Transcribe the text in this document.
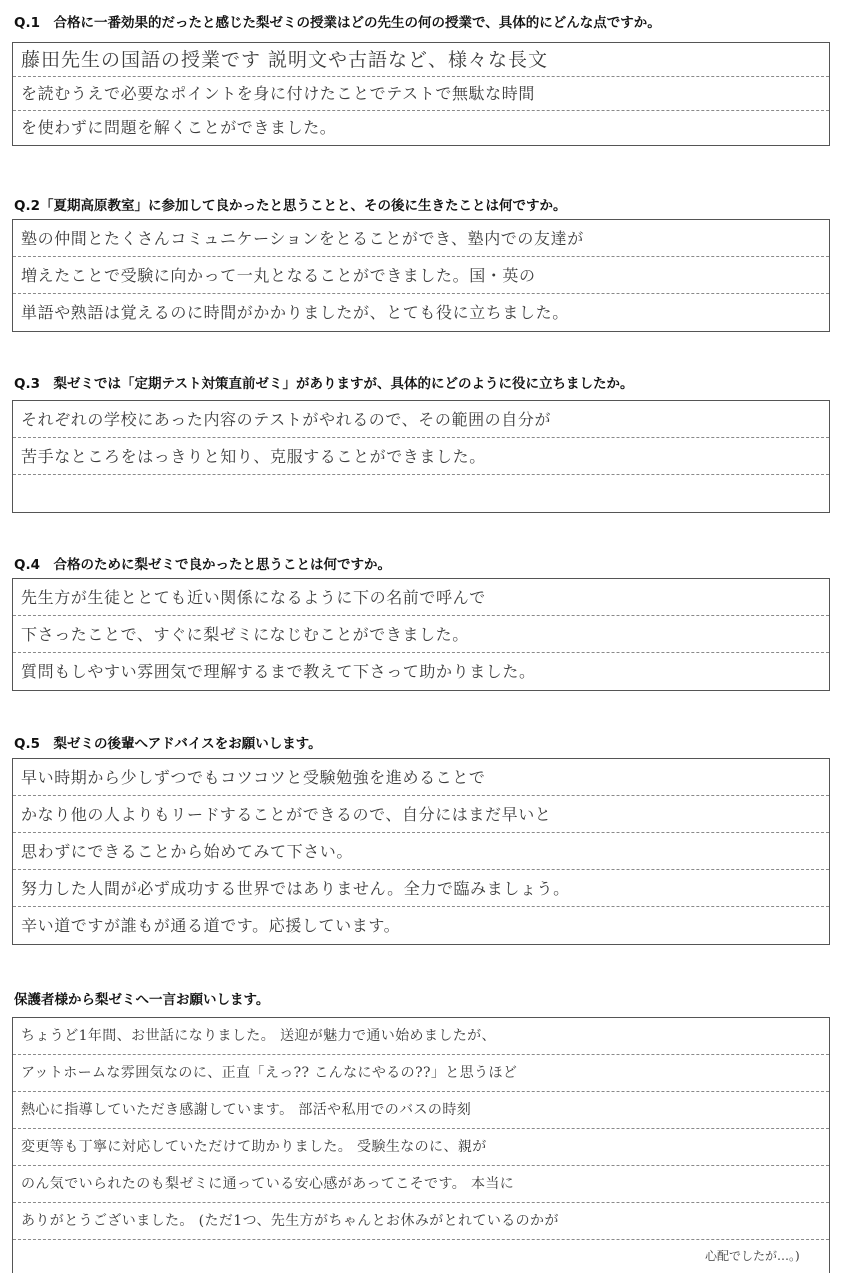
Q.1　合格に一番効果的だったと感じた梨ゼミの授業はどの先生の何の授業で、具体的にどんな点ですか。
藤田先生の国語の授業です 説明文や古語など、様々な長文
を読むうえで必要なポイントを身に付けたことでテストで無駄な時間
を使わずに問題を解くことができました。
Q.2「夏期高原教室」に参加して良かったと思うことと、その後に生きたことは何ですか。
塾の仲間とたくさんコミュニケーションをとることができ、塾内での友達が
増えたことで受験に向かって一丸となることができました。国・英の
単語や熟語は覚えるのに時間がかかりましたが、とても役に立ちました。
Q.3　梨ゼミでは「定期テスト対策直前ゼミ」がありますが、具体的にどのように役に立ちましたか。
それぞれの学校にあった内容のテストがやれるので、その範囲の自分が
苦手なところをはっきりと知り、克服することができました。
Q.4　合格のために梨ゼミで良かったと思うことは何ですか。
先生方が生徒ととても近い関係になるように下の名前で呼んで
下さったことで、すぐに梨ゼミになじむことができました。
質問もしやすい雰囲気で理解するまで教えて下さって助かりました。
Q.5　梨ゼミの後輩へアドバイスをお願いします。
早い時期から少しずつでもコツコツと受験勉強を進めることで
かなり他の人よりもリードすることができるので、自分にはまだ早いと
思わずにできることから始めてみて下さい。
努力した人間が必ず成功する世界ではありません。全力で臨みましょう。
辛い道ですが誰もが通る道です。応援しています。
保護者様から梨ゼミへ一言お願いします。
ちょうど1年間、お世話になりました。 送迎が魅力で通い始めましたが、
アットホームな雰囲気なのに、正直「えっ?? こんなにやるの??」と思うほど
熱心に指導していただき感謝しています。 部活や私用でのバスの時刻
変更等も丁寧に対応していただけて助かりました。 受験生なのに、親が
のん気でいられたのも梨ゼミに通っている安心感があってこそです。 本当に
ありがとうございました。 (ただ1つ、先生方がちゃんとお休みがとれているのかが
心配でしたが…。)
